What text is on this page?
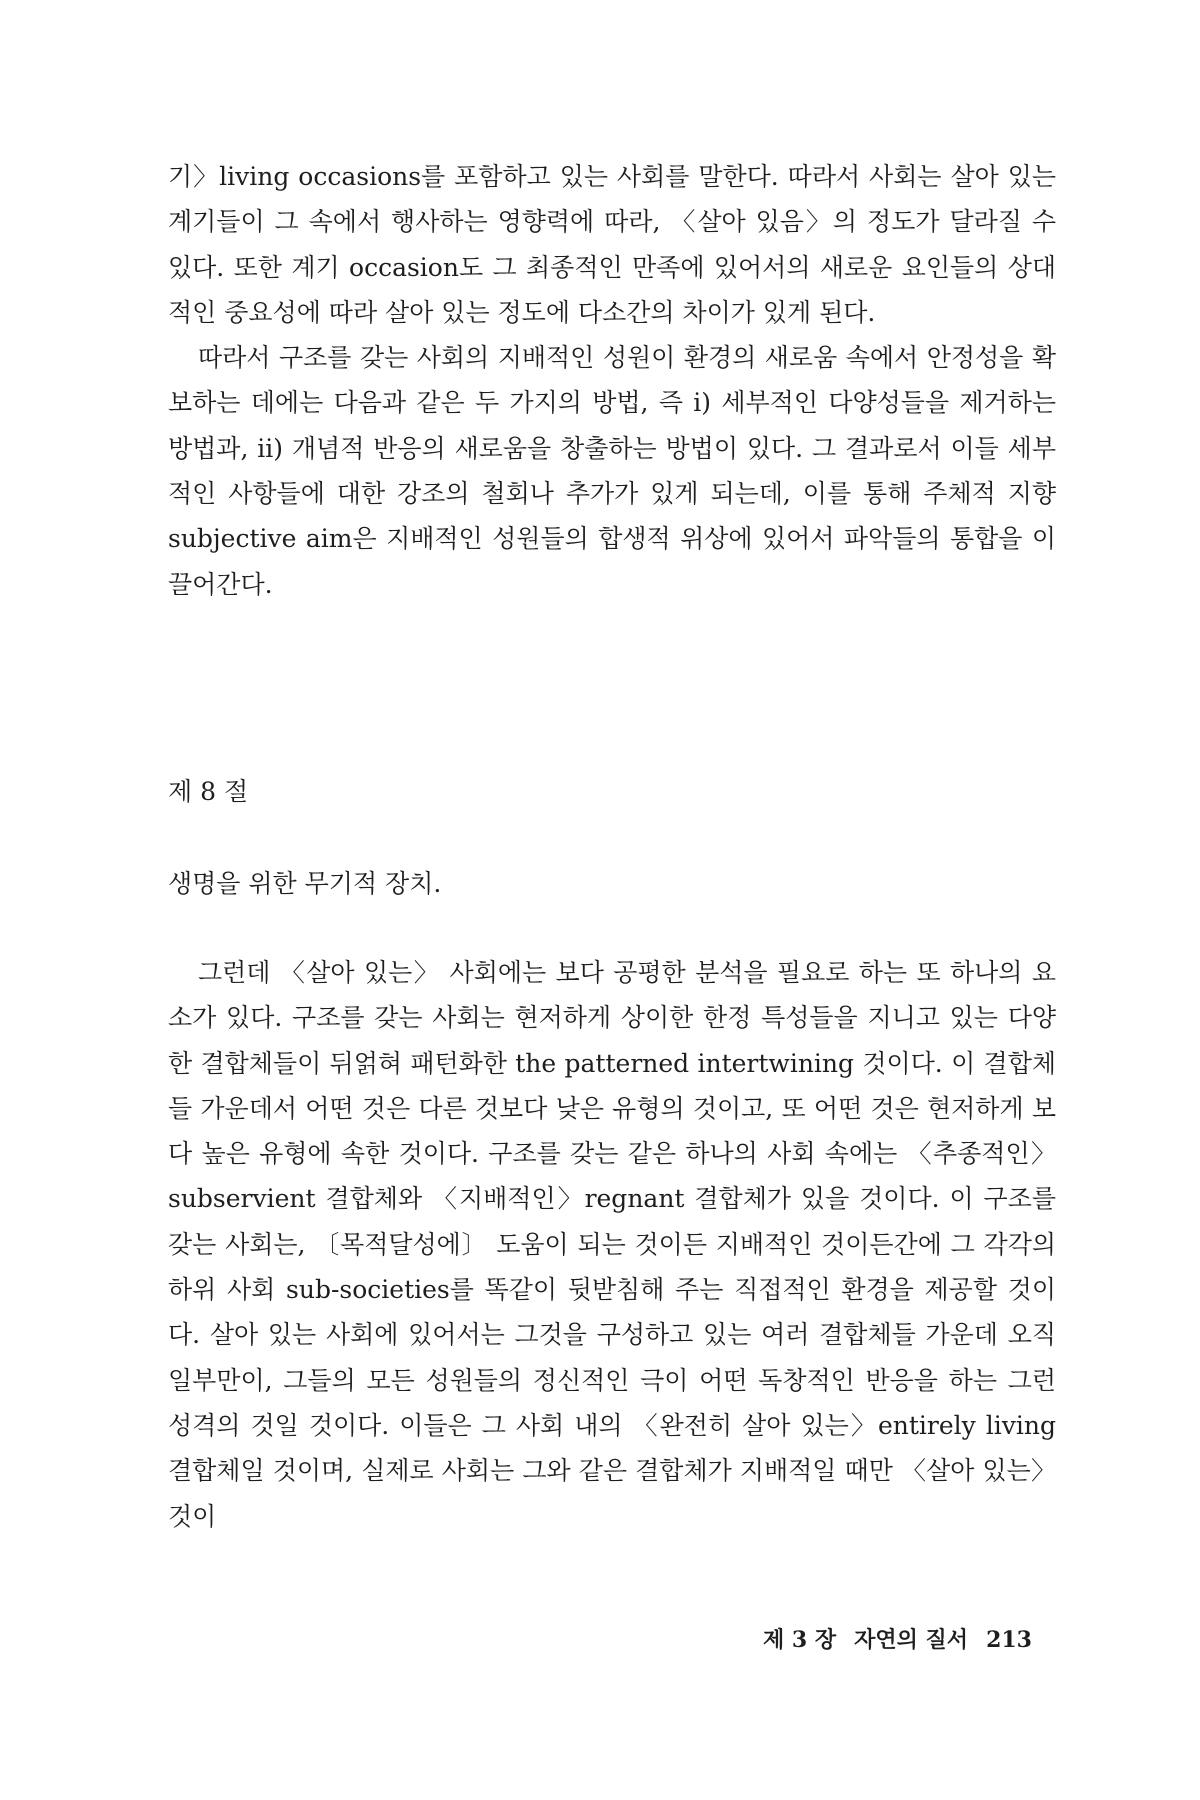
기〉living occasions를 포함하고 있는 사회를 말한다. 따라서 사회는 살아 있는 계기들이 그 속에서 행사하는 영향력에 따라, 〈살아 있음〉의 정도가 달라질 수 있다. 또한 계기 occasion도 그 최종적인 만족에 있어서의 새로운 요인들의 상대적인 중요성에 따라 살아 있는 정도에 다소간의 차이가 있게 된다.

따라서 구조를 갖는 사회의 지배적인 성원이 환경의 새로움 속에서 안정성을 확보하는 데에는 다음과 같은 두 가지의 방법, 즉 i) 세부적인 다양성들을 제거하는 방법과, ii) 개념적 반응의 새로움을 창출하는 방법이 있다. 그 결과로서 이들 세부적인 사항들에 대한 강조의 철회나 추가가 있게 되는데, 이를 통해 주체적 지향 subjective aim은 지배적인 성원들의 합생적 위상에 있어서 파악들의 통합을 이끌어간다.

제 8 절
생명을 위한 무기적 장치.

그런데 〈살아 있는〉 사회에는 보다 공평한 분석을 필요로 하는 또 하나의 요소가 있다. 구조를 갖는 사회는 현저하게 상이한 한정 특성들을 지니고 있는 다양한 결합체들이 뒤얽혀 패턴화한 the patterned intertwining 것이다. 이 결합체들 가운데서 어떤 것은 다른 것보다 낮은 유형의 것이고, 또 어떤 것은 현저하게 보다 높은 유형에 속한 것이다. 구조를 갖는 같은 하나의 사회 속에는 〈추종적인〉subservient 결합체와 〈지배적인〉regnant 결합체가 있을 것이다. 이 구조를 갖는 사회는, 〔목적달성에〕 도움이 되는 것이든 지배적인 것이든간에 그 각각의 하위 사회 sub-societies를 똑같이 뒷받침해 주는 직접적인 환경을 제공할 것이다. 살아 있는 사회에 있어서는 그것을 구성하고 있는 여러 결합체들 가운데 오직 일부만이, 그들의 모든 성원들의 정신적인 극이 어떤 독창적인 반응을 하는 그런 성격의 것일 것이다. 이들은 그 사회 내의 〈완전히 살아 있는〉entirely living 결합체일 것이며, 실제로 사회는 그와 같은 결합체가 지배적일 때만 〈살아 있는〉 것이

제 3 장 자연의 질서 213
